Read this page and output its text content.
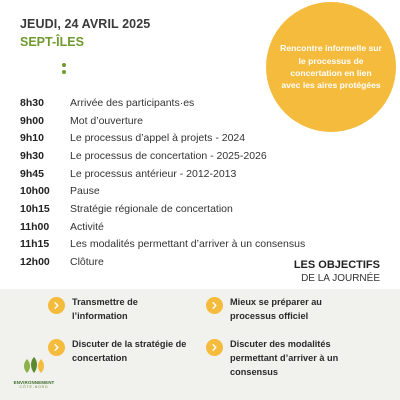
JEUDI, 24 AVRIL 2025
SEPT-ÎLES	Rencontre informelle sur le processus de concertation en lien avec les aires protégées
8h30	Arrivée des participants·es
9h00	Mot d’ouverture
9h10	Le processus d’appel à projets - 2024
9h30	Le processus de concertation - 2025-2026
9h45	Le processus antérieur - 2012-2013
10h00	Pause
10h15	Stratégie régionale de concertation
11h00	Activité
11h15	Les modalités permettant d’arriver à un consensus
12h00	Clôture	LES OBJECTIFS
DE LA JOURNÉE
Transmettre de l’information
Mieux se préparer au processus officiel
Discuter de la stratégie de concertation
Discuter des modalités permettant d’arriver à un consensus
ENVIRONNEMENT
CÔTE-NORD
